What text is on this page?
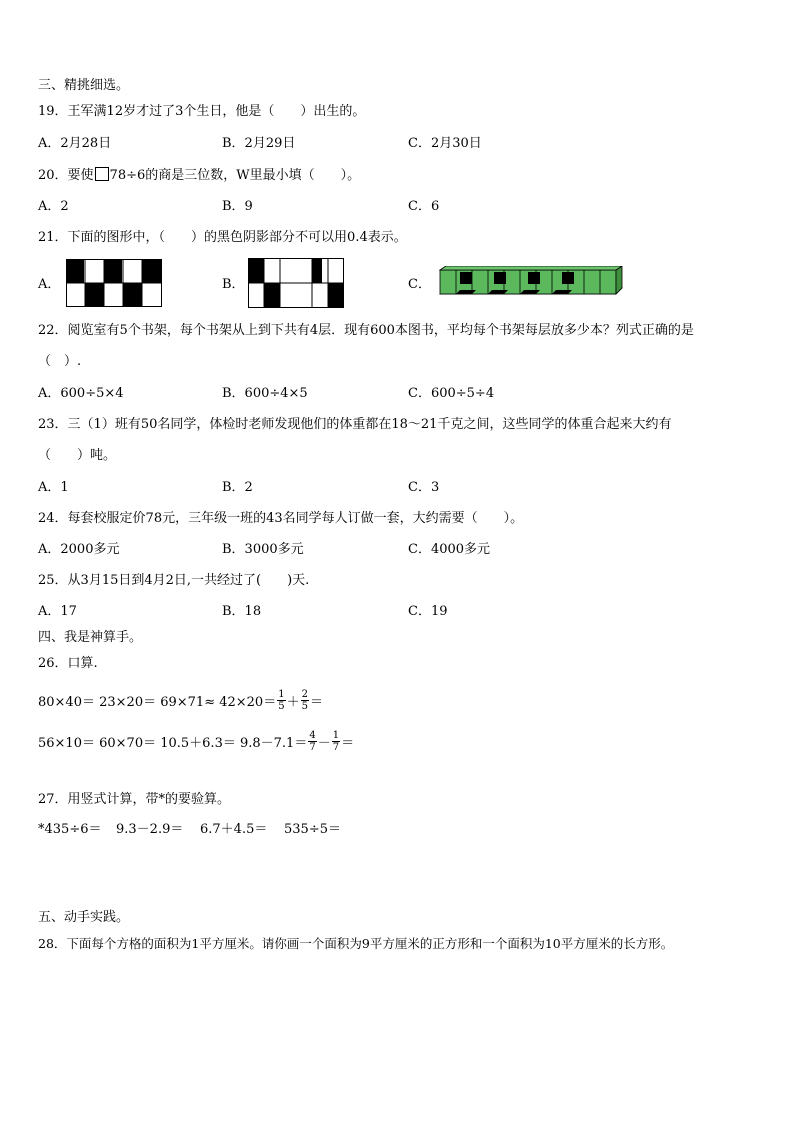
三、精挑细选。
19．王军满12岁才过了3个生日，他是（　　）出生的。
A．2月28日	B．2月29日	C．2月30日
20．要使 78÷6的商是三位数，W里最小填（　　）。
A．2	B．9	C．6
21．下面的图形中，（　　）的黑色阴影部分不可以用0.4表示。
A．	B．	C．
22．阅览室有5个书架，每个书架从上到下共有4层．现有600本图书，平均每个书架每层放多少本？列式正确的是
（　）.
A．600÷5×4	B．600÷4×5	C．600÷5÷4
23．三（1）班有50名同学，体检时老师发现他们的体重都在18～21千克之间，这些同学的体重合起来大约有
（　　）吨。
A．1	B．2	C．3
24．每套校服定价78元，三年级一班的43名同学每人订做一套，大约需要（　　）。
A．2000多元	B．3000多元	C．4000多元
25．从3月15日到4月2日,一共经过了(　　)天.
A．17	B．18	C．19
四、我是神算手。
26．口算.
$80\times 40= 23\times 20= 69\times 71\approx 42\times 20= \frac{1}{5} + \frac{2}{5}$ ＝
$56\times 10= 60\times 70= 10.5+6.3= 9.8-7.1= \frac{4}{7} - \frac{1}{7}$ ＝
27．用竖式计算，带*的要验算。
*435÷6＝ 9.3－2.9＝ 6.7＋4.5＝ 535÷5＝
五、动手实践。
28．下面每个方格的面积为1平方厘米。请你画一个面积为9平方厘米的正方形和一个面积为10平方厘米的长方形。
